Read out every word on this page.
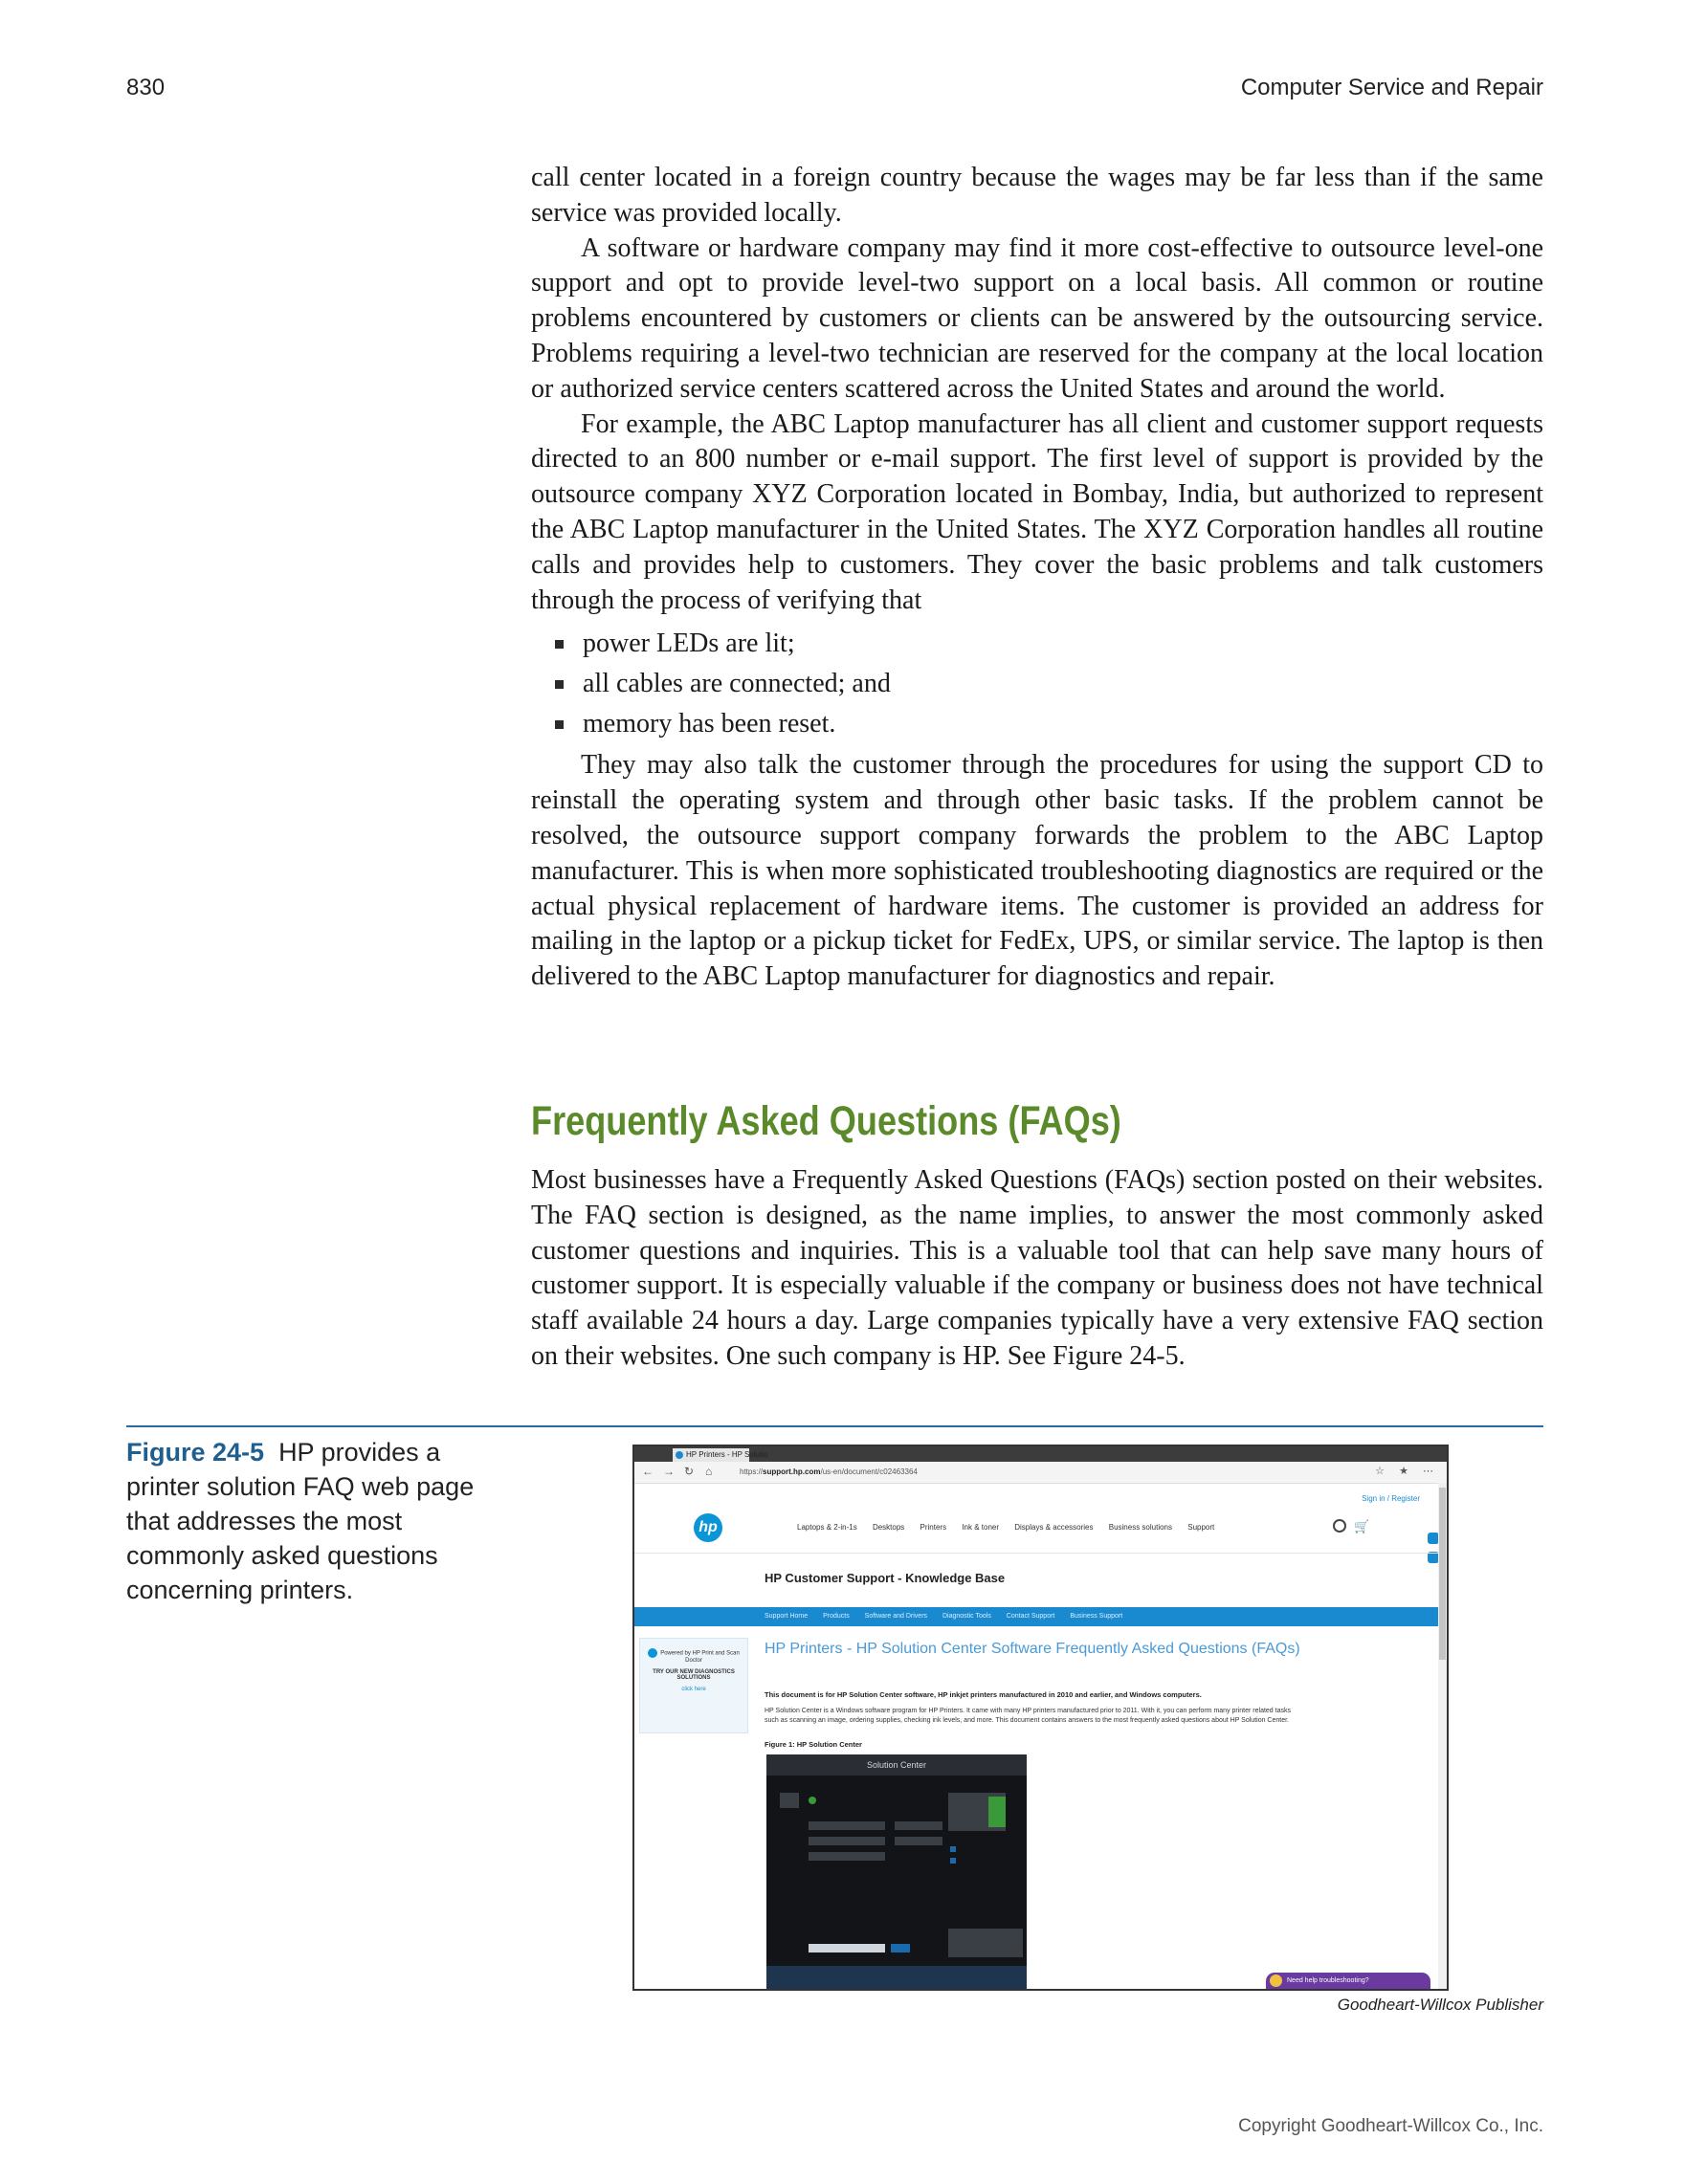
830	Computer Service and Repair

call center located in a foreign country because the wages may be far less than if the same service was provided locally.

A software or hardware company may find it more cost-effective to outsource level-one support and opt to provide level-two support on a local basis. All common or routine problems encountered by customers or clients can be answered by the outsourcing service. Problems requiring a level-two technician are reserved for the company at the local location or authorized service centers scattered across the United States and around the world.

For example, the ABC Laptop manufacturer has all client and customer support requests directed to an 800 number or e-mail support. The first level of support is provided by the outsource company XYZ Corporation located in Bombay, India, but authorized to represent the ABC Laptop manufacturer in the United States. The XYZ Corporation handles all routine calls and provides help to customers. They cover the basic problems and talk customers through the process of verifying that

power LEDs are lit;
all cables are connected; and
memory has been reset.

They may also talk the customer through the procedures for using the support CD to reinstall the operating system and through other basic tasks. If the problem cannot be resolved, the outsource support company forwards the problem to the ABC Laptop manufacturer. This is when more sophisticated troubleshooting diagnostics are required or the actual physical replacement of hardware items. The customer is provided an address for mailing in the laptop or a pickup ticket for FedEx, UPS, or similar service. The laptop is then delivered to the ABC Laptop manufacturer for diagnostics and repair.

Frequently Asked Questions (FAQs)

Most businesses have a Frequently Asked Questions (FAQs) section posted on their websites. The FAQ section is designed, as the name implies, to answer the most commonly asked customer questions and inquiries. This is a valuable tool that can help save many hours of customer support. It is especially valuable if the company or business does not have technical staff available 24 hours a day. Large companies typically have a very extensive FAQ section on their websites. One such company is HP. See Figure 24-5.

Figure 24-5 HP provides a printer solution FAQ web page that addresses the most commonly asked questions concerning printers.
HP Printers - HP Solutio
← → ↻ ⌂	https://support.hp.com/us-en/document/c02463364	☆ ★ ⋯
Sign in / Register
hp	Laptops & 2-in-1s Desktops Printers Ink & toner Displays & accessories Business solutions Support	🛒
HP Customer Support - Knowledge Base
Support Home Products Software and Drivers Diagnostic Tools Contact Support Business Support
Powered by HP Print and Scan Doctor
TRY OUR NEW DIAGNOSTICS SOLUTIONS
click here
HP Printers - HP Solution Center Software Frequently Asked Questions (FAQs)
This document is for HP Solution Center software, HP inkjet printers manufactured in 2010 and earlier, and Windows computers.
HP Solution Center is a Windows software program for HP Printers. It came with many HP printers manufactured prior to 2011. With it, you can perform many printer related tasks such as scanning an image, ordering supplies, checking ink levels, and more. This document contains answers to the most frequently asked questions about HP Solution Center.
Figure 1: HP Solution Center
Solution Center
Need help troubleshooting?
Goodheart-Willcox Publisher
Copyright Goodheart-Willcox Co., Inc.
